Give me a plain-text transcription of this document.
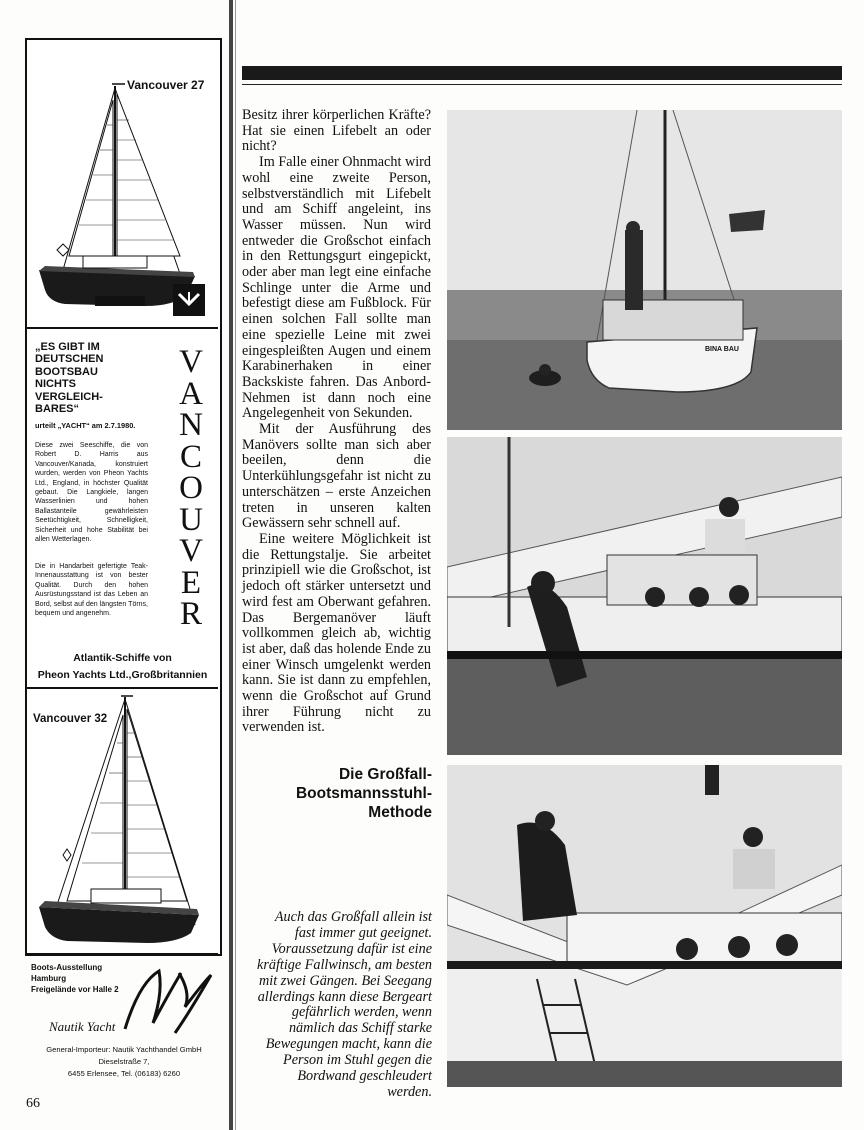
Vancouver 27
„ES GIBT IM DEUTSCHEN BOOTSBAU NICHTS VERGLEICH-BARES“
urteilt „YACHT“ am 2.7.1980.
Diese zwei Seeschiffe, die von Robert D. Harris aus Vancouver/Kanada, konstruiert wurden, werden von Pheon Yachts Ltd., England, in höchster Qualität gebaut. Die Langkiele, langen Wasserlinien und hohen Ballastanteile gewährleisten Seetüchtigkeit, Schnelligkeit, Sicherheit und hohe Stabilität bei allen Wetterlagen.
Die in Handarbeit gefertigte Teak-Innenausstattung ist von bester Qualität. Durch den hohen Ausrüstungsstand ist das Leben an Bord, selbst auf den längsten Törns, bequem und angenehm.
VANCOUVER
Atlantik-Schiffe von
Pheon Yachts Ltd.,Großbritannien
Vancouver 32
Boots-Ausstellung
Hamburg
Freigelände vor Halle 2
Nautik Yacht
General-Importeur: Nautik Yachthandel GmbH
Dieselstraße 7,
6455 Erlensee, Tel. (06183) 6260
66

Besitz ihrer körperlichen Kräfte? Hat sie einen Lifebelt an oder nicht?

Im Falle einer Ohnmacht wird wohl eine zweite Person, selbstverständlich mit Lifebelt und am Schiff angeleint, ins Wasser müssen. Nun wird entweder die Großschot einfach in den Rettungsgurt eingepickt, oder aber man legt eine einfache Schlinge unter die Arme und befestigt diese am Fußblock. Für einen solchen Fall sollte man eine spezielle Leine mit zwei eingespleißten Augen und einem Karabinerhaken in einer Backskiste fahren. Das Anbord-Nehmen ist dann noch eine Angelegenheit von Sekunden.

Mit der Ausführung des Manövers sollte man sich aber beeilen, denn die Unterkühlungsgefahr ist nicht zu unterschätzen – erste Anzeichen treten in unseren kalten Gewässern sehr schnell auf.

Eine weitere Möglichkeit ist die Rettungstalje. Sie arbeitet prinzipiell wie die Großschot, ist jedoch oft stärker untersetzt und wird fest am Oberwant gefahren. Das Bergemanöver läuft vollkommen gleich ab, wichtig ist aber, daß das holende Ende zu einer Winsch umgelenkt werden kann. Sie ist dann zu empfehlen, wenn die Großschot auf Grund ihrer Führung nicht zu verwenden ist.

Die Großfall-Bootsmannsstuhl-Methode
Auch das Großfall allein ist fast immer gut geeignet. Voraussetzung dafür ist eine kräftige Fallwinsch, am besten mit zwei Gängen. Bei Seegang allerdings kann diese Bergeart gefährlich werden, wenn nämlich das Schiff starke Bewegungen macht, kann die Person im Stuhl gegen die Bordwand geschleudert werden.
BINA BAU
